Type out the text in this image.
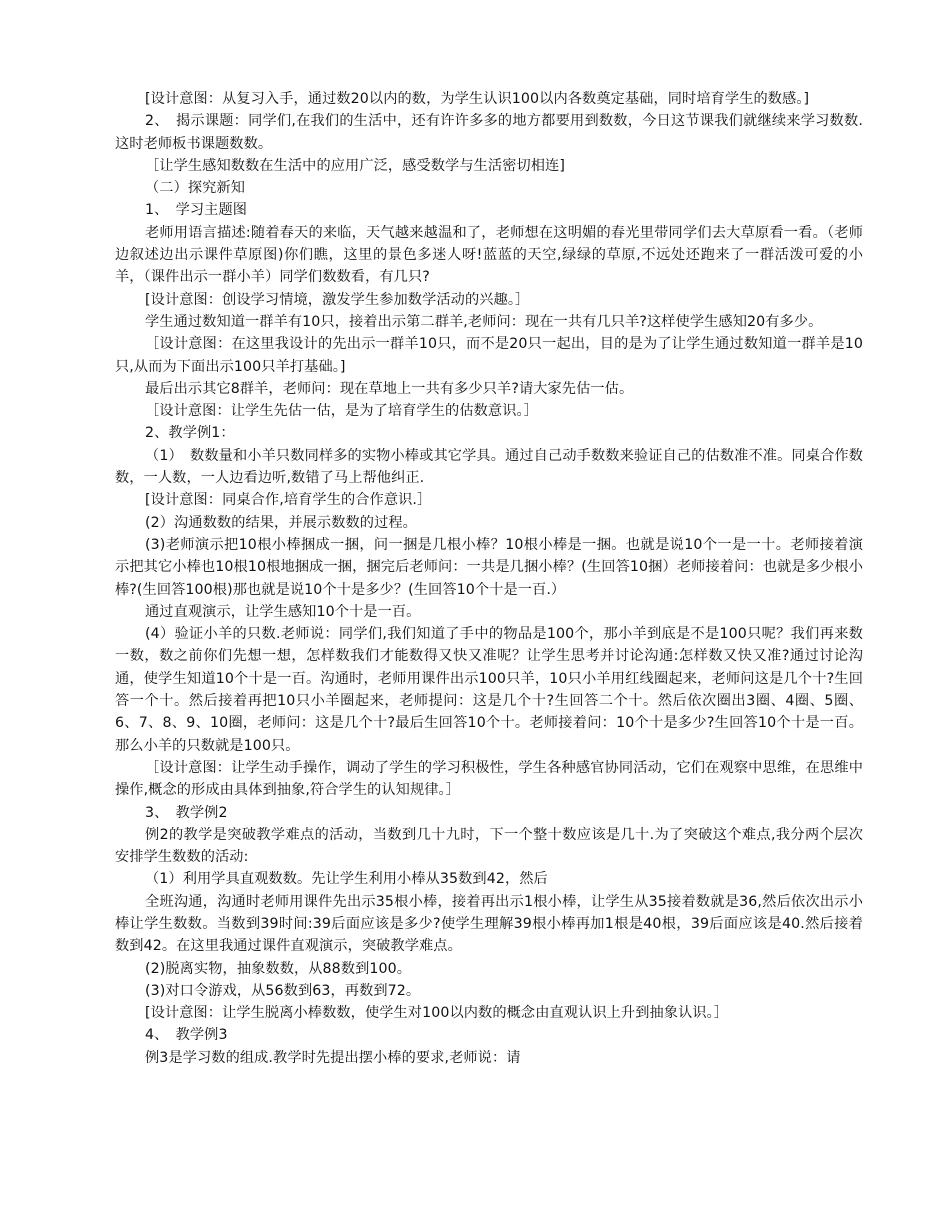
[设计意图：从复习入手，通过数20以内的数，为学生认识100以内各数奠定基础，同时培育学生的数感。]

2、　揭示课题：同学们,在我们的生活中，还有许许多多的地方都要用到数数，今日这节课我们就继续来学习数数.这时老师板书课题数数。

［让学生感知数数在生活中的应用广泛，感受数学与生活密切相连]

（二）探究新知

1、　学习主题图

老师用语言描述:随着春天的来临，天气越来越温和了，老师想在这明媚的春光里带同学们去大草原看一看。（老师边叙述边出示课件草原图)你们瞧，这里的景色多迷人呀!蓝蓝的天空,绿绿的草原,不远处还跑来了一群活泼可爱的小羊，（课件出示一群小羊）同学们数数看，有几只?

[设计意图：创设学习情境，激发学生参加数学活动的兴趣。］

学生通过数知道一群羊有10只，接着出示第二群羊,老师问：现在一共有几只羊?这样使学生感知20有多少。

［设计意图：在这里我设计的先出示一群羊10只，而不是20只一起出，目的是为了让学生通过数知道一群羊是10只,从而为下面出示100只羊打基础。]

最后出示其它8群羊，老师问：现在草地上一共有多少只羊?请大家先估一估。

［设计意图：让学生先估一估，是为了培育学生的估数意识。］

2、教学例1：

（1）　数数量和小羊只数同样多的实物小棒或其它学具。通过自己动手数数来验证自己的估数准不准。同桌合作数数，一人数，一人边看边听,数错了马上帮他纠正.

[设计意图：同桌合作,培育学生的合作意识.］

(2）沟通数数的结果，并展示数数的过程。

(3)老师演示把10根小棒捆成一捆，问一捆是几根小棒？10根小棒是一捆。也就是说10个一是一十。老师接着演示把其它小棒也10根10根地捆成一捆，捆完后老师问：一共是几捆小棒？(生回答10捆）老师接着问：也就是多少根小棒?(生回答100根)那也就是说10个十是多少？(生回答10个十是一百.）

通过直观演示，让学生感知10个十是一百。

(4）验证小羊的只数.老师说：同学们,我们知道了手中的物品是100个，那小羊到底是不是100只呢？我们再来数一数，数之前你们先想一想，怎样数我们才能数得又快又准呢？让学生思考并讨论沟通:怎样数又快又准?通过讨论沟通，使学生知道10个十是一百。沟通时，老师用课件出示100只羊，10只小羊用红线圈起来，老师问这是几个十?生回答一个十。然后接着再把10只小羊圈起来，老师提问：这是几个十?生回答二个十。然后依次圈出3圈、4圈、5圈、6、7、8、9、10圈，老师问：这是几个十?最后生回答10个十。老师接着问：10个十是多少?生回答10个十是一百。那么小羊的只数就是100只。

［设计意图：让学生动手操作，调动了学生的学习积极性，学生各种感官协同活动，它们在观察中思维，在思维中操作,概念的形成由具体到抽象,符合学生的认知规律。］

3、　教学例2

例2的教学是突破教学难点的活动，当数到几十九时，下一个整十数应该是几十.为了突破这个难点,我分两个层次安排学生数数的活动:

（1）利用学具直观数数。先让学生利用小棒从35数到42，然后

全班沟通，沟通时老师用课件先出示35根小棒，接着再出示1根小棒，让学生从35接着数就是36,然后依次出示小棒让学生数数。当数到39时间:39后面应该是多少?使学生理解39根小棒再加1根是40根，39后面应该是40.然后接着数到42。在这里我通过课件直观演示，突破教学难点。

(2)脱离实物，抽象数数，从88数到100。

(3)对口令游戏，从56数到63，再数到72。

[设计意图：让学生脱离小棒数数，使学生对100以内数的概念由直观认识上升到抽象认识。］

4、　教学例3

例3是学习数的组成.教学时先提出摆小棒的要求,老师说：请
